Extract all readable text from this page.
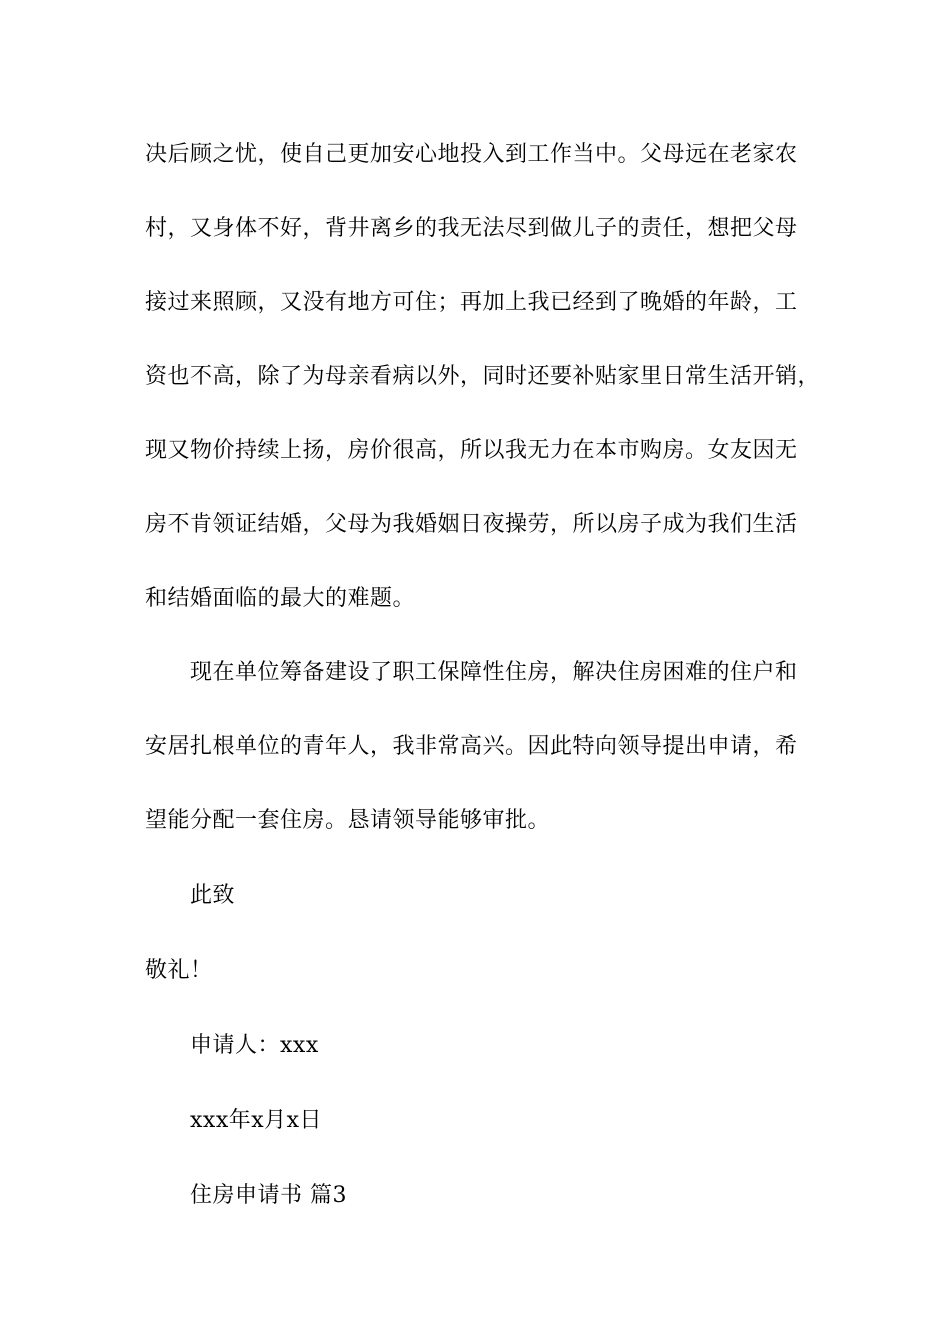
决后顾之忧，使自己更加安心地投入到工作当中。父母远在老家农
村，又身体不好，背井离乡的我无法尽到做儿子的责任，想把父母
接过来照顾，又没有地方可住；再加上我已经到了晚婚的年龄，工
资也不高，除了为母亲看病以外，同时还要补贴家里日常生活开销，
现又物价持续上扬，房价很高，所以我无力在本市购房。女友因无
房不肯领证结婚，父母为我婚姻日夜操劳，所以房子成为我们生活
和结婚面临的最大的难题。
现在单位筹备建设了职工保障性住房，解决住房困难的住户和
安居扎根单位的青年人，我非常高兴。因此特向领导提出申请，希
望能分配一套住房。恳请领导能够审批。
此致
敬礼！
申请人：xxx
xxx年x月x日
住房申请书 篇3
